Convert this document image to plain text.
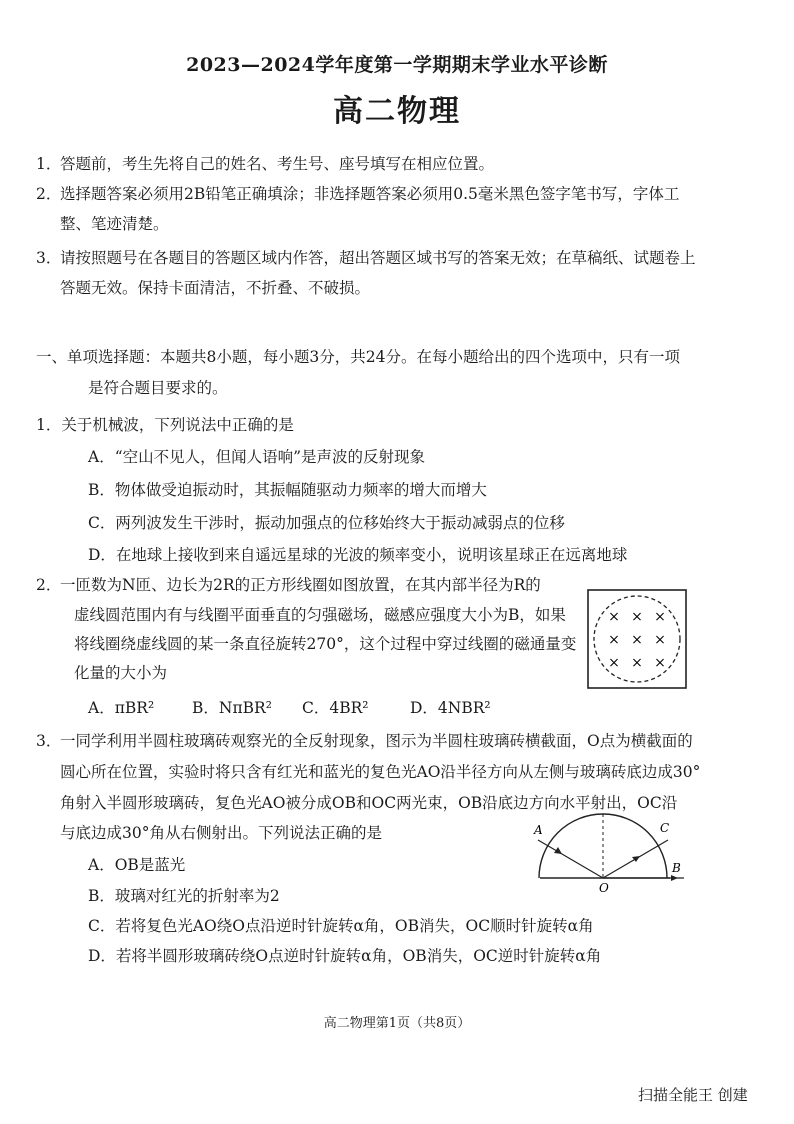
2023—2024学年度第一学期期末学业水平诊断
高二物理
1．答题前，考生先将自己的姓名、考生号、座号填写在相应位置。
2．选择题答案必须用2B铅笔正确填涂；非选择题答案必须用0.5毫米黑色签字笔书写，字体工
整、笔迹清楚。
3．请按照题号在各题目的答题区域内作答，超出答题区域书写的答案无效；在草稿纸、试题卷上
答题无效。保持卡面清洁，不折叠、不破损。
一、单项选择题：本题共8小题，每小题3分，共24分。在每小题给出的四个选项中，只有一项
是符合题目要求的。
1．关于机械波，下列说法中正确的是
A．“空山不见人，但闻人语响”是声波的反射现象
B．物体做受迫振动时，其振幅随驱动力频率的增大而增大
C．两列波发生干涉时，振动加强点的位移始终大于振动减弱点的位移
D．在地球上接收到来自遥远星球的光波的频率变小，说明该星球正在远离地球
2．一匝数为N匝、边长为2R的正方形线圈如图放置，在其内部半径为R的
虚线圆范围内有与线圈平面垂直的匀强磁场，磁感应强度大小为B，如果
将线圈绕虚线圆的某一条直径旋转270°，这个过程中穿过线圈的磁通量变
化量的大小为
A．πBR² B．NπBR² C．4BR²	D．4NBR²
× × ×
× × ×
× × ×
3．一同学利用半圆柱玻璃砖观察光的全反射现象，图示为半圆柱玻璃砖横截面，O点为横截面的
圆心所在位置，实验时将只含有红光和蓝光的复色光AO沿半径方向从左侧与玻璃砖底边成30°
角射入半圆形玻璃砖，复色光AO被分成OB和OC两光束，OB沿底边方向水平射出，OC沿
与底边成30°角从右侧射出。下列说法正确的是
A．OB是蓝光
B．玻璃对红光的折射率为2
C．若将复色光AO绕O点沿逆时针旋转α角，OB消失，OC顺时针旋转α角
D．若将半圆形玻璃砖绕O点逆时针旋转α角，OB消失，OC逆时针旋转α角
A	C
O
B
高二物理第1页（共8页）
扫描全能王 创建
